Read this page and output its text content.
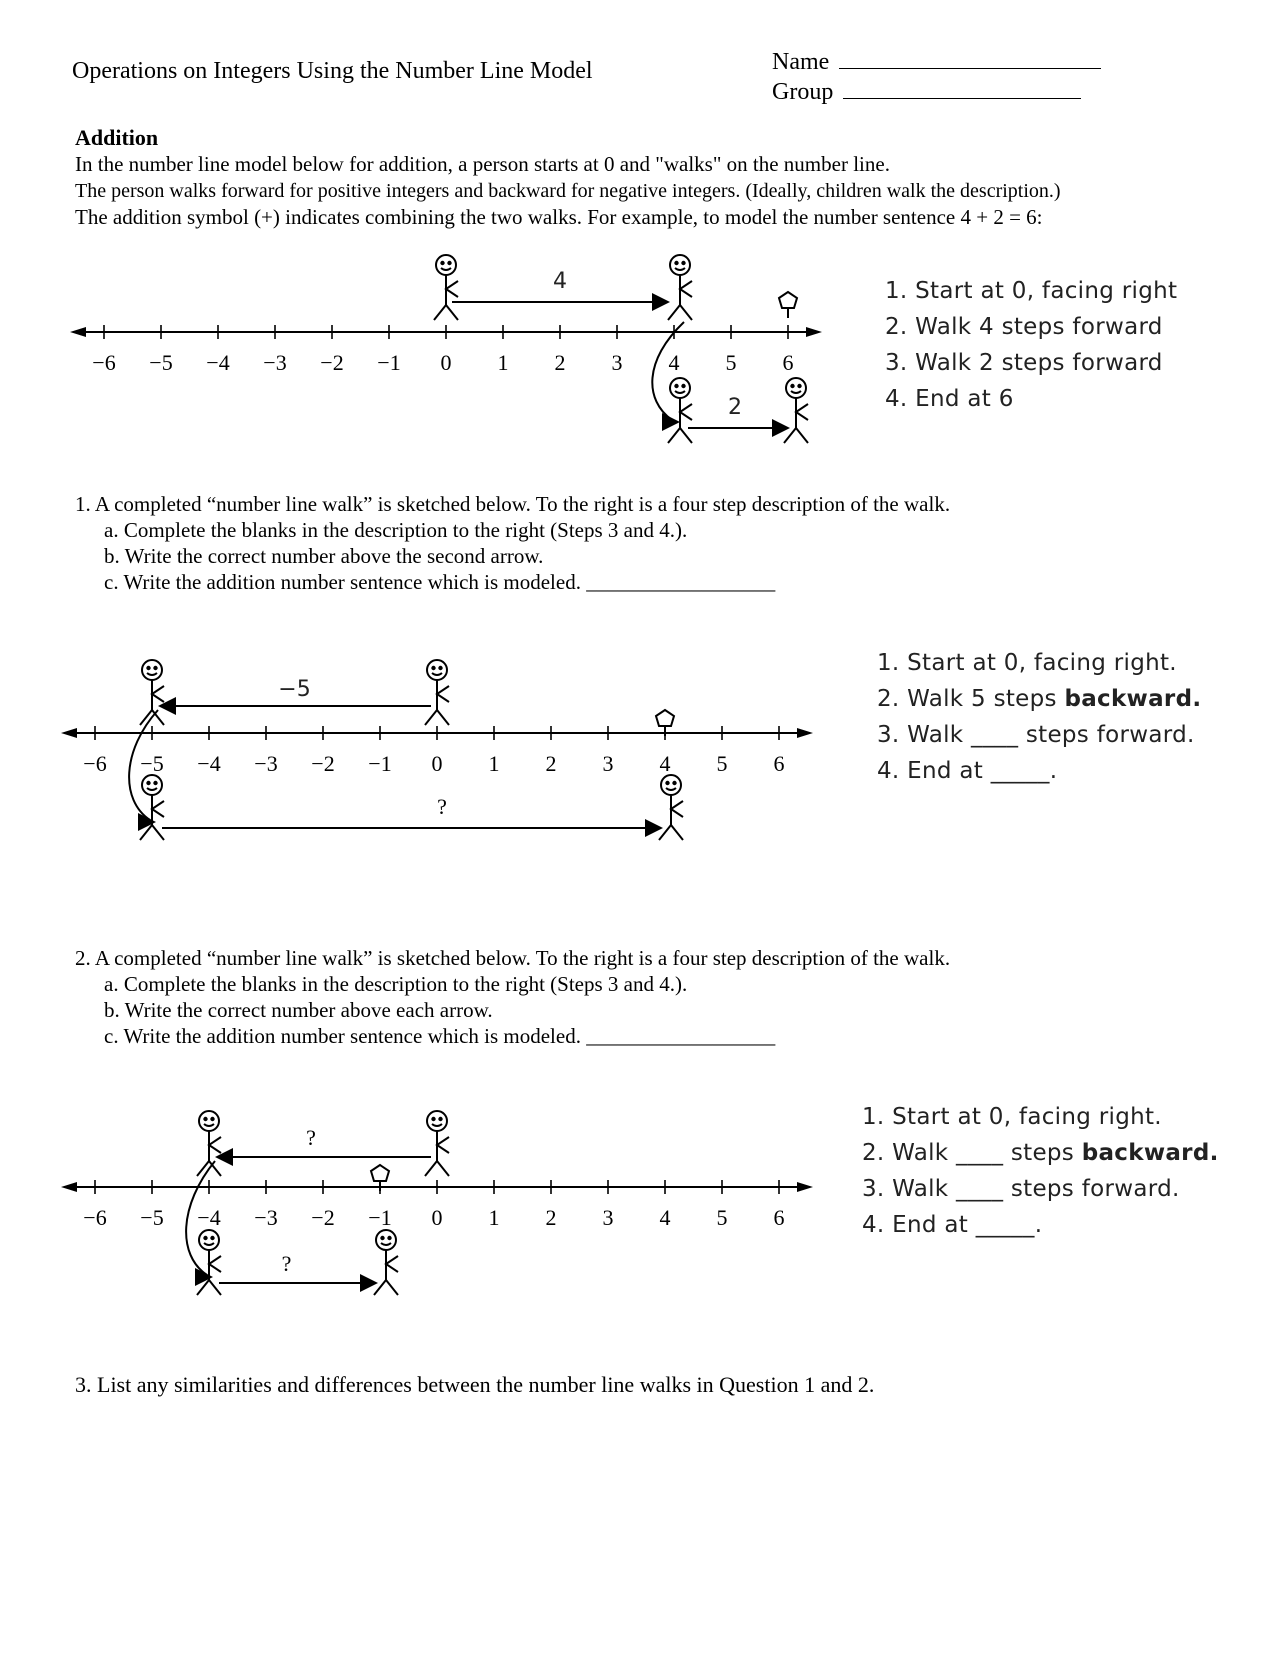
Operations on Integers Using the Number Line Model	Name
Group
Addition
In the number line model below for addition, a person starts at 0 and "walks" on the number line.
The person walks forward for positive integers and backward for negative integers. (Ideally, children walk the description.)
The addition symbol (+) indicates combining the two walks. For example, to model the number sentence 4 + 2 = 6:
−6 −5 −4 −3 −2 −1 0 1 2 3 4 5 6
4
2
1. Start at 0, facing right
2. Walk 4 steps forward
3. Walk 2 steps forward
4. End at 6
1. A completed “number line walk” is sketched below. To the right is a four step description of the walk.
a. Complete the blanks in the description to the right (Steps 3 and 4.).
b. Write the correct number above the second arrow.
c. Write the addition number sentence which is modeled. __________________
−6 −5 −4 −3 −2 −1 0 1 2 3 4 5 6
−5
?
1. Start at 0, facing right.
2. Walk 5 steps backward.
3. Walk ____ steps forward.
4. End at _____.
2. A completed “number line walk” is sketched below. To the right is a four step description of the walk.
a. Complete the blanks in the description to the right (Steps 3 and 4.).
b. Write the correct number above each arrow.
c. Write the addition number sentence which is modeled. __________________
−6 −5 −4 −3 −2 −1 0 1 2 3 4 5 6
?
?
1. Start at 0, facing right.
2. Walk ____ steps backward.
3. Walk ____ steps forward.
4. End at _____.
3. List any similarities and differences between the number line walks in Question 1 and 2.
